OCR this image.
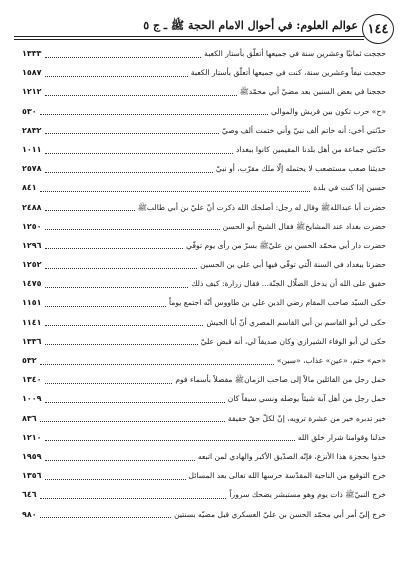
١٤٤
عوالم العلوم: في أحوال الامام الحجة ﷺ ـ ج ٥
حججت ثمانيًا وعشرين سنة في جميعها أتعلّق بأستار الكعبة
١٣٣٣
حججت نيفاً وعشرين سنة، كنت في جميعها أتعلّق بأستار الكعبة
١٥٨٧
حججنا في بعض السنين بعد مضيّ أبي محمّدﷺ
١٢١٢
«ح» حرب تكون بين قريش والموالي
٥٣٠
حدّثني أخي: أنه خاتم ألف نبيّ وأني ختمت ألف وصيّ
٢٨٣٢
حدّثني جماعة من أهل بلدنا المقيمين كانوا ببغداد
١٠١١
حديثنا صعب مستصعب لا يحتمله إلّا ملك مقرّب، أو نبيّ
٢٥٧٨
حسين إذا كنت في بلدة
٨٤١
حضرت أبا عبداللهﷺ وقال له رجل: أصلحك الله ذكرت أنّ عليّ بن أبي طالبﷺ
٢٤٨٨
حضرت بغداد عند المشايخﷺ فقال الشيخ أبو الحسن
١٢٥٠
حضرت دار أبي محمّد الحسن بن عليّﷺ بسرّ من رأى يوم توفّي
١٢٩٦
حضرنا ببغداد في السنة الّتي توفّي فيها أبي علي بن الحسين
١٢٥٢
حقيق على الله أن يدخل الضلّال الجنّة... فقال زرارة: كيف ذلك
١٤٧٥
حكى السيّد صاحب المقام رضي الدين علي بن طاووس أنّه اجتمع يوماً
١١٥١
حكى لي أبو القاسم بن أبي القاسم المصري أنّ أبا الجيش
١١٤١
حكى لي أبو الوفاء الشيرازي وكان صديقاً لي، أنه قبض عليّ
١٣٣٦
«حم» حتم، «عين» عذاب، «سين»
٥٣٢
حمل رجل من القائلين مالاً إلى صاحب الزمانﷺ مفصلاً بأسماء قوم
١٣٤٠
حمل رجل من أهل آبة شيئاً يوصله ونسي سيفاً كان
١٠٠٩
خبر تدبره خير من عشرة ترويه، إنّ لكلّ حقّ حقيقة
٨٣٦
خذلنا وقوامنا شرار خلق الله
١٢١٠
خذوا بحجزة هذا الأنزع، فإنّه الصدّيق الأكبر والهادي لمن اتبعه
١٩٥٩
خرج التوقيع من الناحية المقدّسة حرسها الله تعالى بعد المسائل
١٣٥٦
خرج النبيّﷺ ذات يوم وهو مستبشر يضحك سروراً
٦٤٦
خرج إليّ أمر أبي محمّد الحسن بن عليّ العسكري قبل مضيّه بسنتين
٩٨٠
